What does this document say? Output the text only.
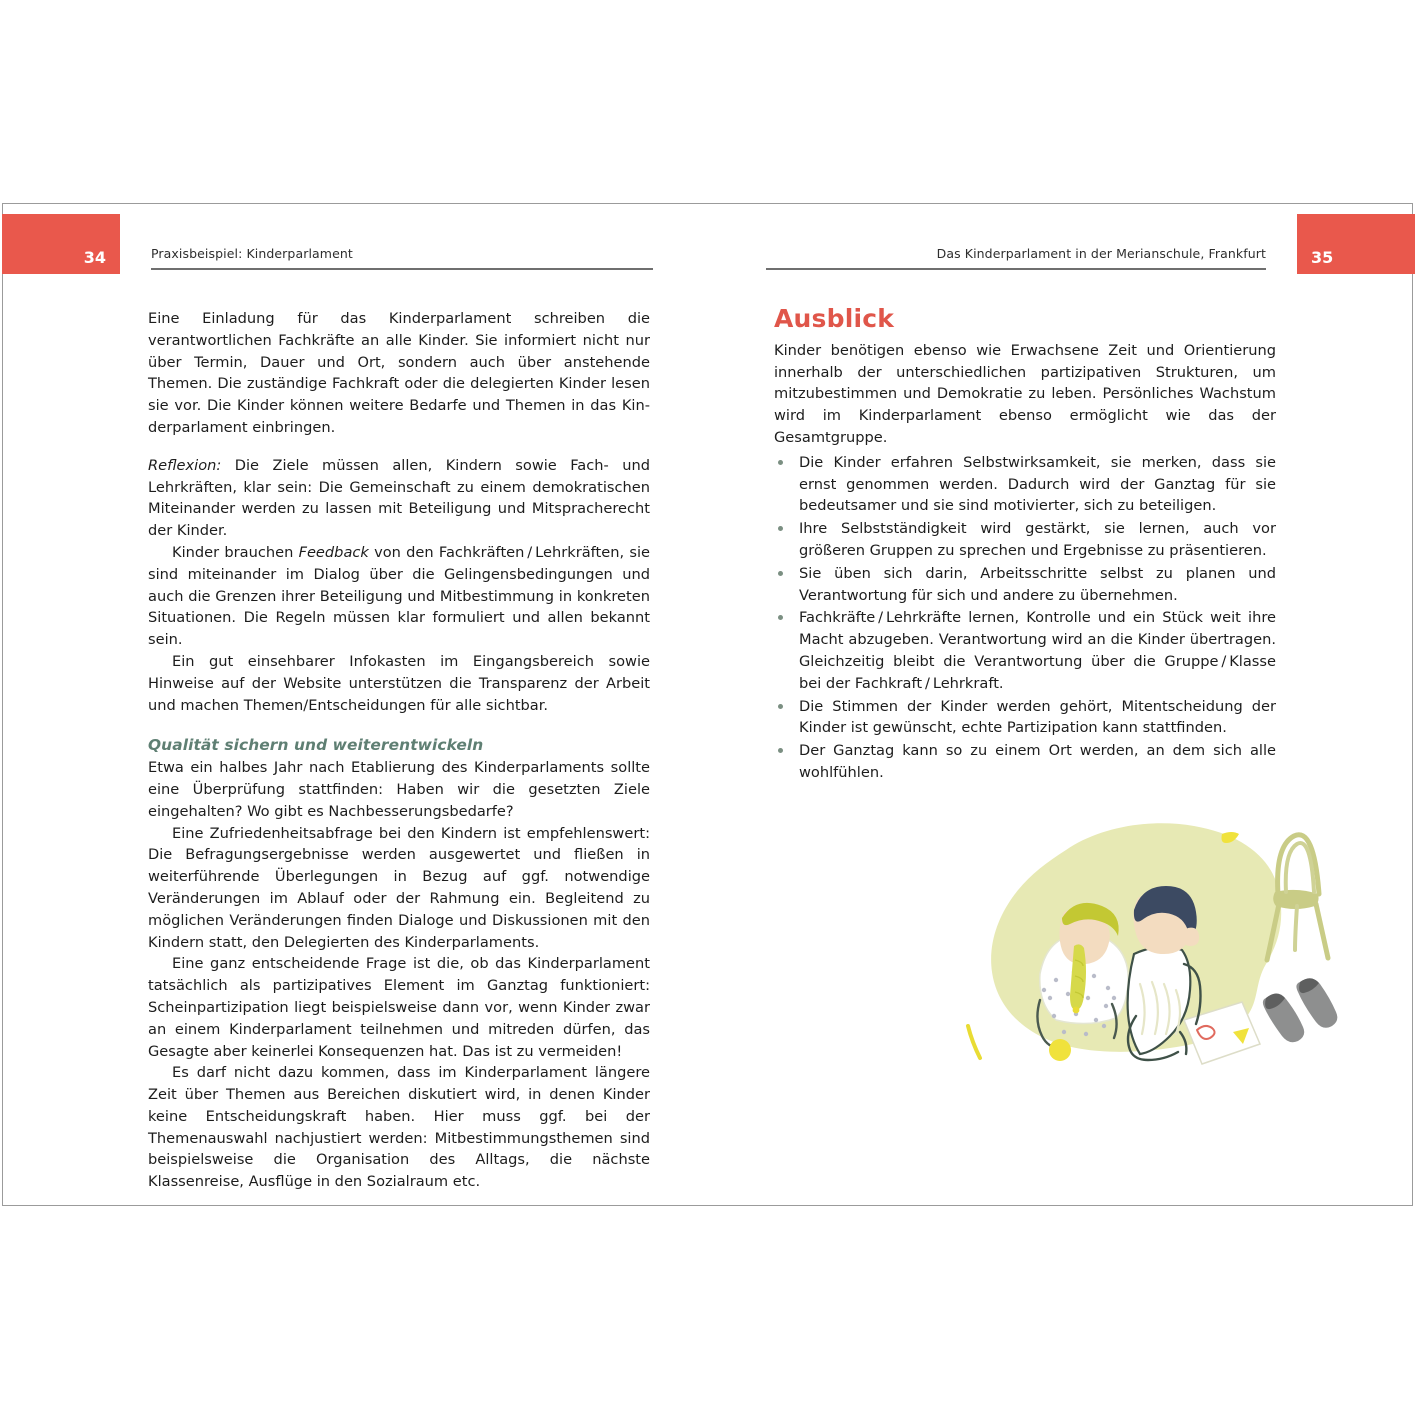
34	Praxisbeispiel: Kinderparlament

Eine Einladung für das Kinderparlament schreiben die verantwortlichen Fachkräfte an alle Kinder. Sie informiert nicht nur über Termin, Dauer und Ort, sondern auch über anstehende Themen. Die zuständige Fachkraft oder die delegierten Kinder lesen sie vor. Die Kinder können weitere Bedarfe und Themen in das Kinderparlament einbringen.

Reflexion: Die Ziele müssen allen, Kindern sowie Fach- und Lehrkräften, klar sein: Die Gemeinschaft zu einem demokratischen Miteinander werden zu lassen mit Beteiligung und Mitspracherecht der Kinder.

Kinder brauchen Feedback von den Fachkräften / Lehrkräften, sie sind miteinander im Dialog über die Gelingensbedingungen und auch die Grenzen ihrer Beteiligung und Mitbestimmung in konkreten Situationen. Die Regeln müssen klar formuliert und allen bekannt sein.

Ein gut einsehbarer Infokasten im Eingangsbereich sowie Hinweise auf der Website unterstützen die Transparenz der Arbeit und machen Themen/Entscheidungen für alle sichtbar.

Qualität sichern und weiterentwickeln

Etwa ein halbes Jahr nach Etablierung des Kinderparlaments sollte eine Überprüfung stattfinden: Haben wir die gesetzten Ziele eingehalten? Wo gibt es Nachbesserungsbedarfe?

Eine Zufriedenheitsabfrage bei den Kindern ist empfehlenswert: Die Befragungsergebnisse werden ausgewertet und fließen in weiterführende Überlegungen in Bezug auf ggf. notwendige Veränderungen im Ablauf oder der Rahmung ein. Begleitend zu möglichen Veränderungen finden Dialoge und Diskussionen mit den Kindern statt, den Delegierten des Kinderparlaments.

Eine ganz entscheidende Frage ist die, ob das Kinderparlament tatsächlich als partizipatives Element im Ganztag funktioniert: Scheinpartizipation liegt beispielsweise dann vor, wenn Kinder zwar an einem Kinderparlament teilnehmen und mitreden dürfen, das Gesagte aber keinerlei Konsequenzen hat. Das ist zu vermeiden!

Es darf nicht dazu kommen, dass im Kinderparlament längere Zeit über Themen aus Bereichen diskutiert wird, in denen Kinder keine Entscheidungskraft haben. Hier muss ggf. bei der Themenauswahl nachjustiert werden: Mitbestimmungsthemen sind beispielsweise die Organisation des Alltags, die nächste Klassenreise, Ausflüge in den Sozialraum etc.

35
Das Kinderparlament in der Merianschule, Frankfurt
Ausblick

Kinder benötigen ebenso wie Erwachsene Zeit und Orientierung innerhalb der unterschiedlichen partizipativen Strukturen, um mitzubestimmen und Demokratie zu leben. Persönliches Wachstum wird im Kinderparlament ebenso ermöglicht wie das der Gesamtgruppe.

Die Kinder erfahren Selbstwirksamkeit, sie merken, dass sie ernst genommen werden. Dadurch wird der Ganztag für sie bedeutsamer und sie sind motivierter, sich zu beteiligen.
Ihre Selbstständigkeit wird gestärkt, sie lernen, auch vor größeren Gruppen zu sprechen und Ergebnisse zu präsentieren.
Sie üben sich darin, Arbeitsschritte selbst zu planen und Verantwortung für sich und andere zu übernehmen.
Fachkräfte / Lehrkräfte lernen, Kontrolle und ein Stück weit ihre Macht abzugeben. Verantwortung wird an die Kinder übertragen. Gleichzeitig bleibt die Verantwortung über die Gruppe / Klasse bei der Fachkraft / Lehrkraft.
Die Stimmen der Kinder werden gehört, Mitentscheidung der Kinder ist gewünscht, echte Partizipation kann stattfinden.
Der Ganztag kann so zu einem Ort werden, an dem sich alle wohlfühlen.
